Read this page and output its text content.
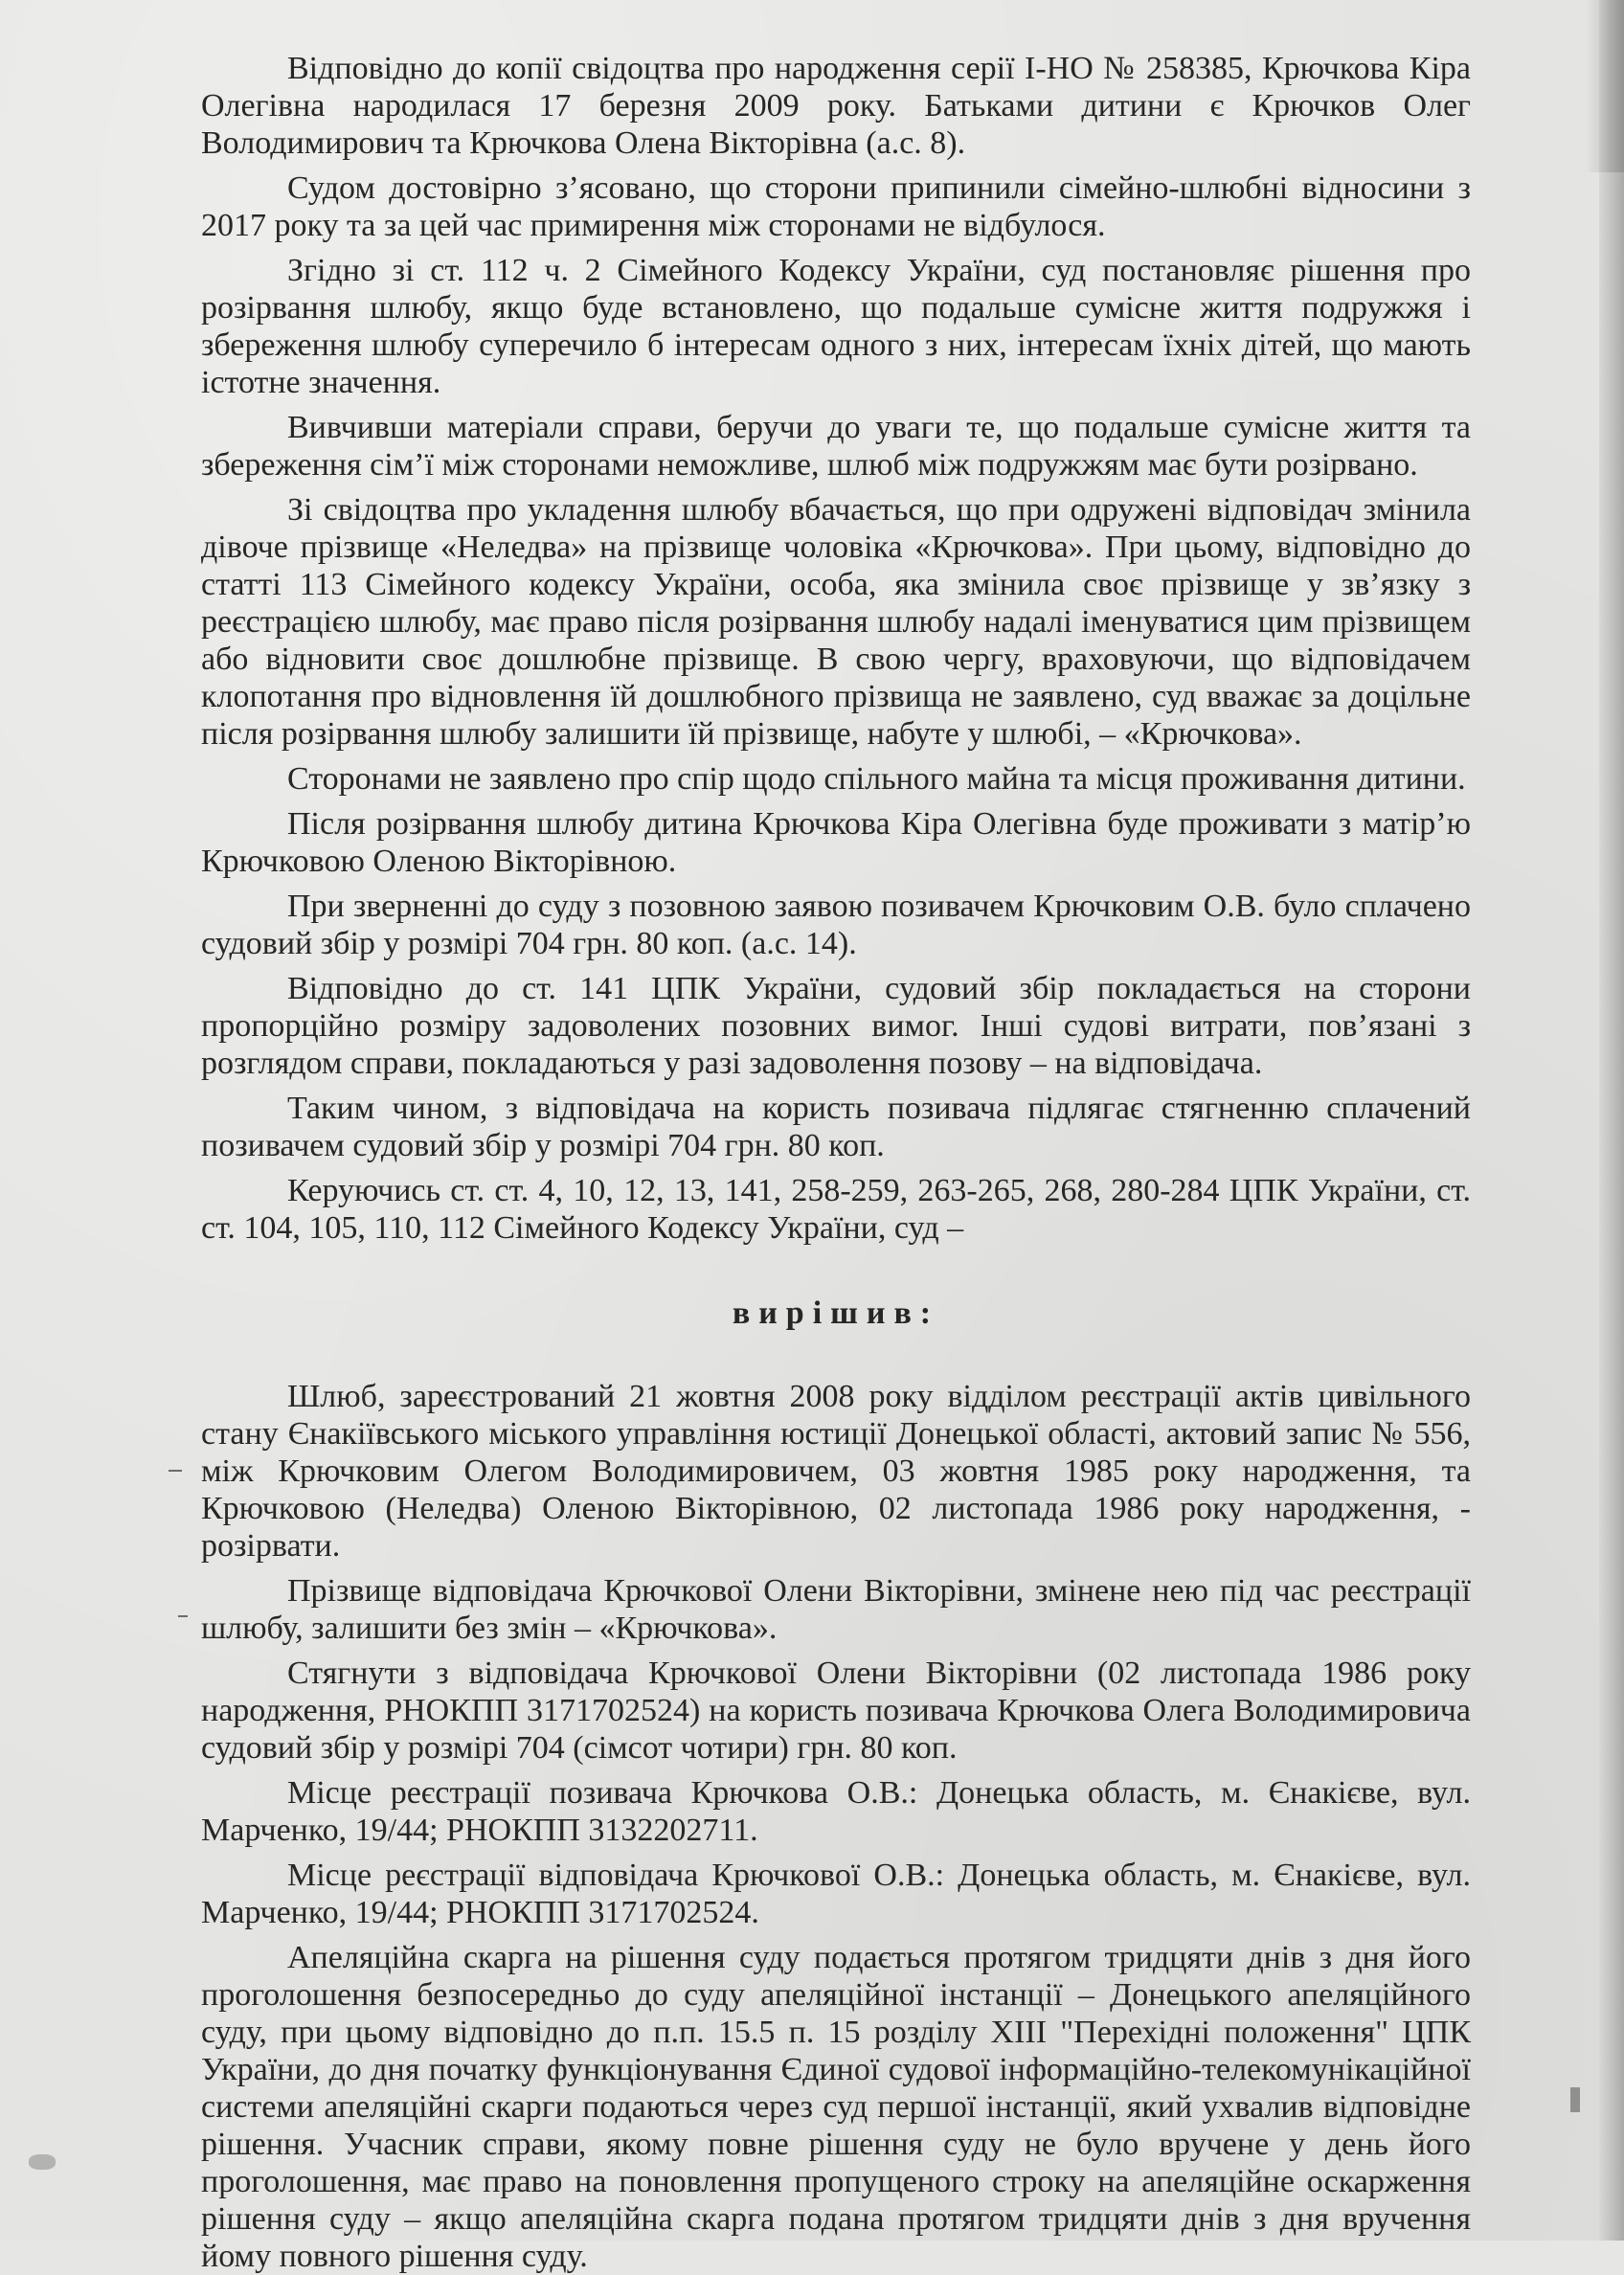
Відповідно до копії свідоцтва про народження серії І-НО № 258385, Крючкова Кіра Олегівна народилася 17 березня 2009 року. Батьками дитини є Крючков Олег Володимирович та Крючкова Олена Вікторівна (а.с. 8).

Судом достовірно з’ясовано, що сторони припинили сімейно-шлюбні відносини з 2017 року та за цей час примирення між сторонами не відбулося.

Згідно зі ст. 112 ч. 2 Сімейного Кодексу України, суд постановляє рішення про розірвання шлюбу, якщо буде встановлено, що подальше сумісне життя подружжя і збереження шлюбу суперечило б інтересам одного з них, інтересам їхніх дітей, що мають істотне значення.

Вивчивши матеріали справи, беручи до уваги те, що подальше сумісне життя та збереження сім’ї між сторонами неможливе, шлюб між подружжям має бути розірвано.

Зі свідоцтва про укладення шлюбу вбачається, що при одружені відповідач змінила дівоче прізвище «Неледва» на прізвище чоловіка «Крючкова». При цьому, відповідно до статті 113 Сімейного кодексу України, особа, яка змінила своє прізвище у зв’язку з реєстрацією шлюбу, має право після розірвання шлюбу надалі іменуватися цим прізвищем або відновити своє дошлюбне прізвище. В свою чергу, враховуючи, що відповідачем клопотання про відновлення їй дошлюбного прізвища не заявлено, суд вважає за доцільне після розірвання шлюбу залишити їй прізвище, набуте у шлюбі, – «Крючкова».

Сторонами не заявлено про спір щодо спільного майна та місця проживання дитини.

Після розірвання шлюбу дитина Крючкова Кіра Олегівна буде проживати з матір’ю Крючковою Оленою Вікторівною.

При зверненні до суду з позовною заявою позивачем Крючковим О.В. було сплачено судовий збір у розмірі 704 грн. 80 коп. (а.с. 14).

Відповідно до ст. 141 ЦПК України, судовий збір покладається на сторони пропорційно розміру задоволених позовних вимог. Інші судові витрати, пов’язані з розглядом справи, покладаються у разі задоволення позову – на відповідача.

Таким чином, з відповідача на користь позивача підлягає стягненню сплачений позивачем судовий збір у розмірі 704 грн. 80 коп.

Керуючись ст. ст. 4, 10, 12, 13, 141, 258-259, 263-265, 268, 280-284 ЦПК України, ст. ст. 104, 105, 110, 112 Сімейного Кодексу України, суд –

вирішив:

Шлюб, зареєстрований 21 жовтня 2008 року відділом реєстрації актів цивільного стану Єнакіївського міського управління юстиції Донецької області, актовий запис № 556, між Крючковим Олегом Володимировичем, 03 жовтня 1985 року народження, та Крючковою (Неледва) Оленою Вікторівною, 02 листопада 1986 року народження, - розірвати.

Прізвище відповідача Крючкової Олени Вікторівни, змінене нею під час реєстрації шлюбу, залишити без змін – «Крючкова».

Стягнути з відповідача Крючкової Олени Вікторівни (02 листопада 1986 року народження, РНОКПП 3171702524) на користь позивача Крючкова Олега Володимировича судовий збір у розмірі 704 (сімсот чотири) грн. 80 коп.

Місце реєстрації позивача Крючкова О.В.: Донецька область, м. Єнакієве, вул. Марченко, 19/44; РНОКПП 3132202711.

Місце реєстрації відповідача Крючкової О.В.: Донецька область, м. Єнакієве, вул. Марченко, 19/44; РНОКПП 3171702524.

Апеляційна скарга на рішення суду подається протягом тридцяти днів з дня його проголошення безпосередньо до суду апеляційної інстанції – Донецького апеляційного суду, при цьому відповідно до п.п. 15.5 п. 15 розділу XIII "Перехідні положення" ЦПК України, до дня початку функціонування Єдиної судової інформаційно-телекомунікаційної системи апеляційні скарги подаються через суд першої інстанції, який ухвалив відповідне рішення. Учасник справи, якому повне рішення суду не було вручене у день його проголошення, має право на поновлення пропущеного строку на апеляційне оскарження рішення суду – якщо апеляційна скарга подана протягом тридцяти днів з дня вручення йому повного рішення суду.
